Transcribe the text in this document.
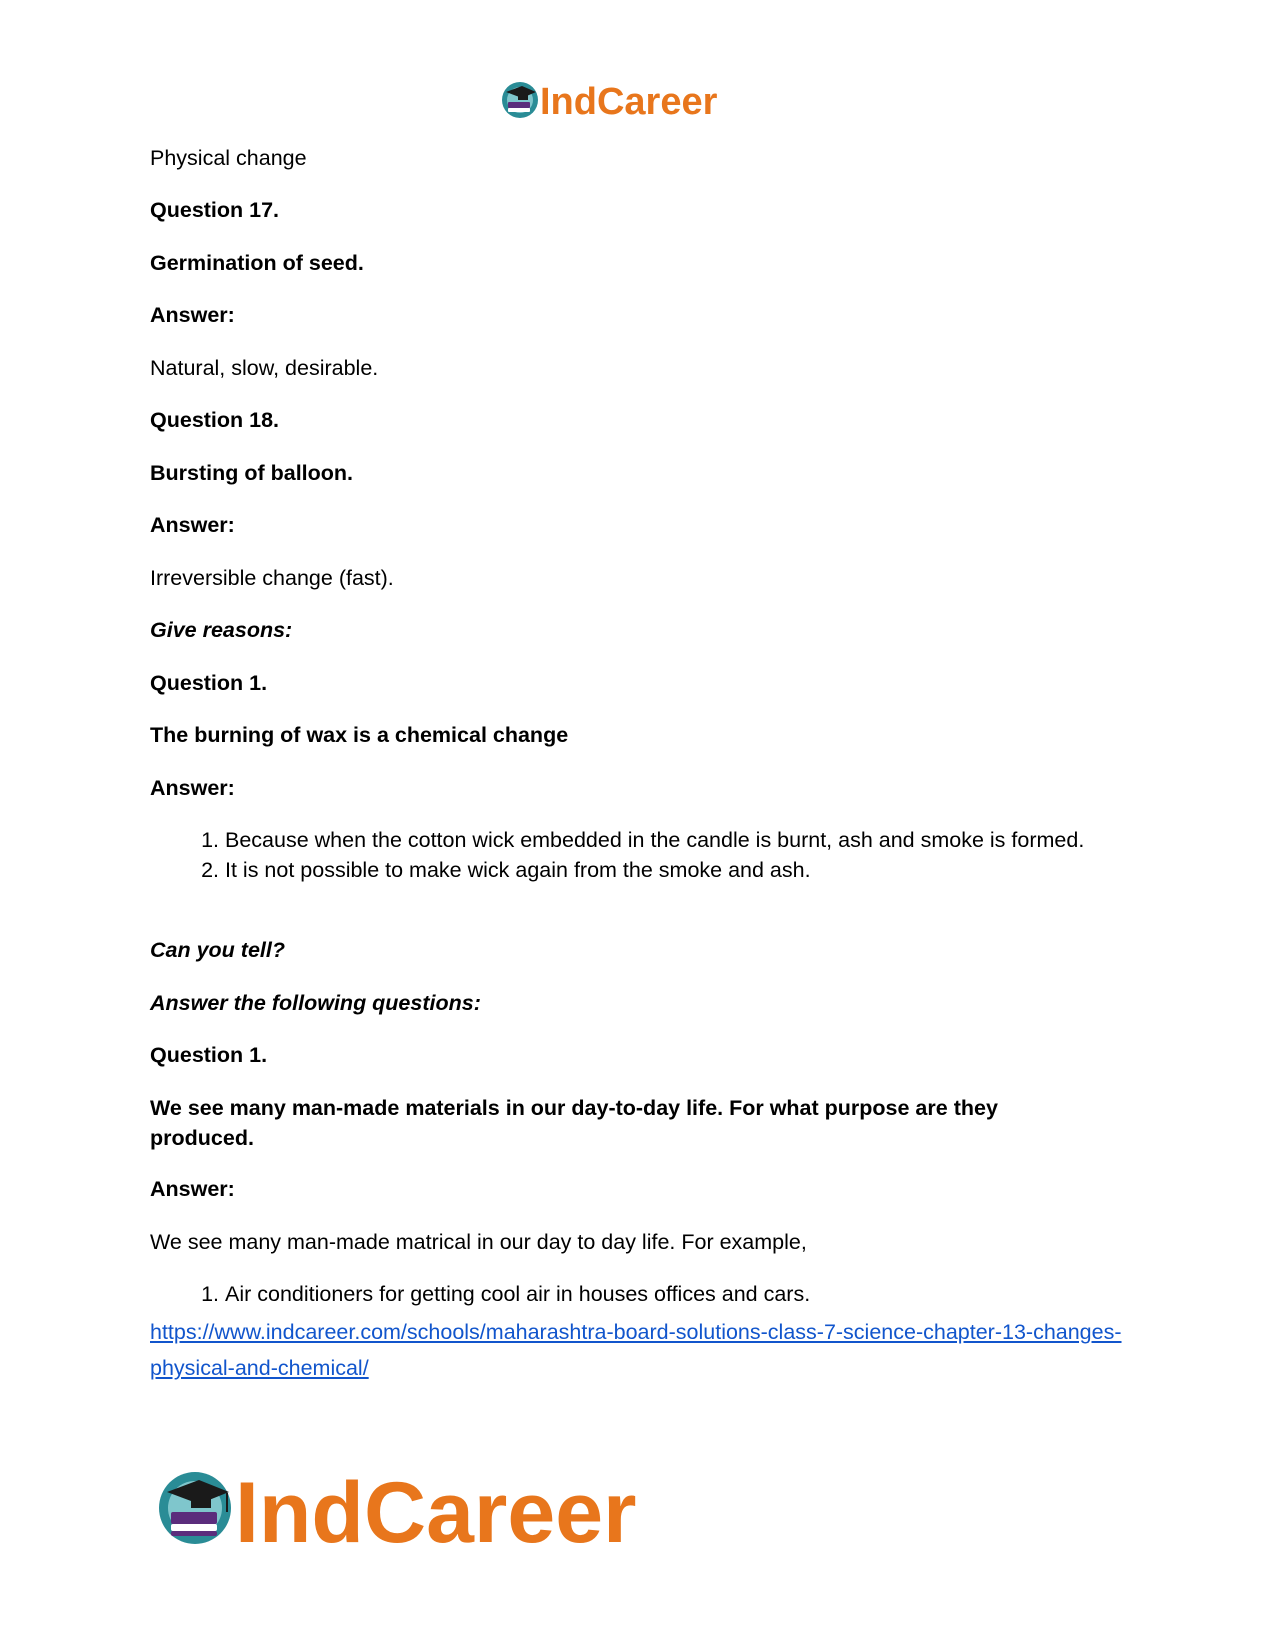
IndCareer

Physical change

Question 17.

Germination of seed.

Answer:

Natural, slow, desirable.

Question 18.

Bursting of balloon.

Answer:

Irreversible change (fast).

Give reasons:

Question 1.

The burning of wax is a chemical change

Answer:

1. Because when the cotton wick embedded in the candle is burnt, ash and smoke is formed.
2. It is not possible to make wick again from the smoke and ash.

Can you tell?

Answer the following questions:

Question 1.

We see many man-made materials in our day-to-day life. For what purpose are they produced.

Answer:

We see many man-made matrical in our day to day life. For example,

1. Air conditioners for getting cool air in houses offices and cars.
https://www.indcareer.com/schools/maharashtra-board-solutions-class-7-science-chapter-13-changes-physical-and-chemical/
IndCareer
